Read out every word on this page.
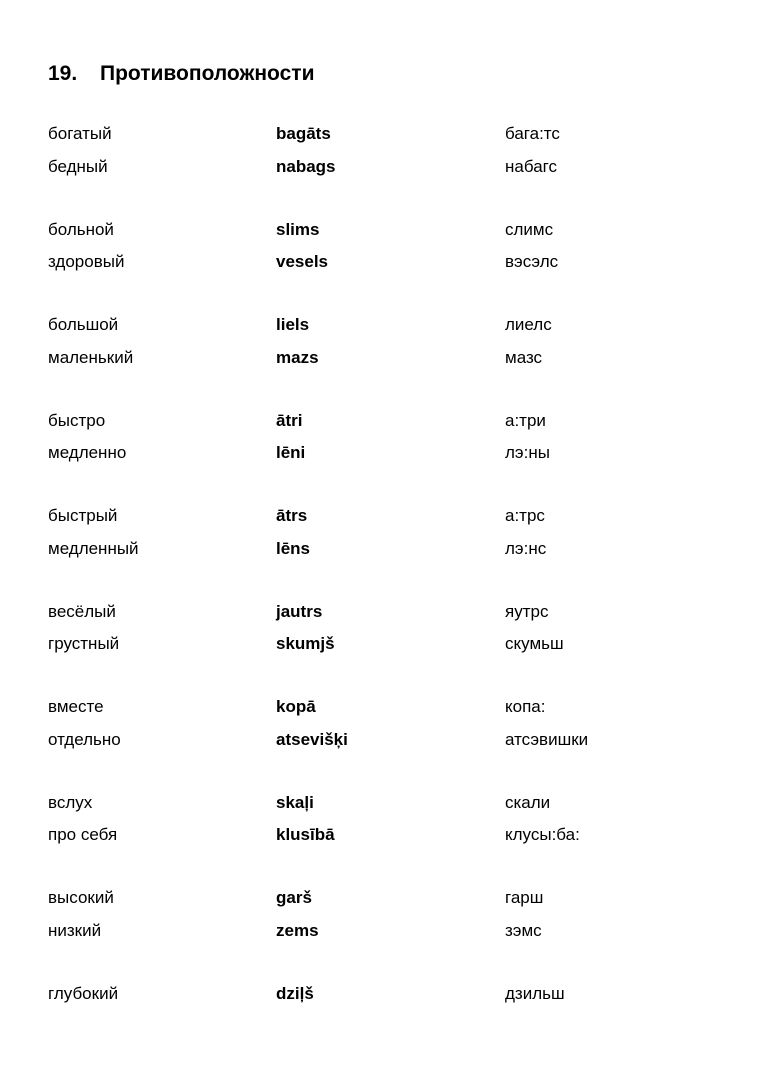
19. Противоположности
богатый	bagāts	бага:тс
бедный	nabags	набагс
больной	slims	слимс
здоровый	vesels	вэсэлс
большой	liels	лиелс
маленький	mazs	мазс
быстро	ātri	а:три
медленно	lēni	лэ:ны
быстрый	ātrs	а:трс
медленный	lēns	лэ:нс
весёлый	jautrs	яутрс
грустный	skumjš	скумьш
вместе	kopā	копа:
отдельно	atsevišķi	атсэвишки
вслух	skaļi	скали
про себя	klusībā	клусы:ба:
высокий	garš	гарш
низкий	zems	зэмс
глубокий	dziļš	дзильш
